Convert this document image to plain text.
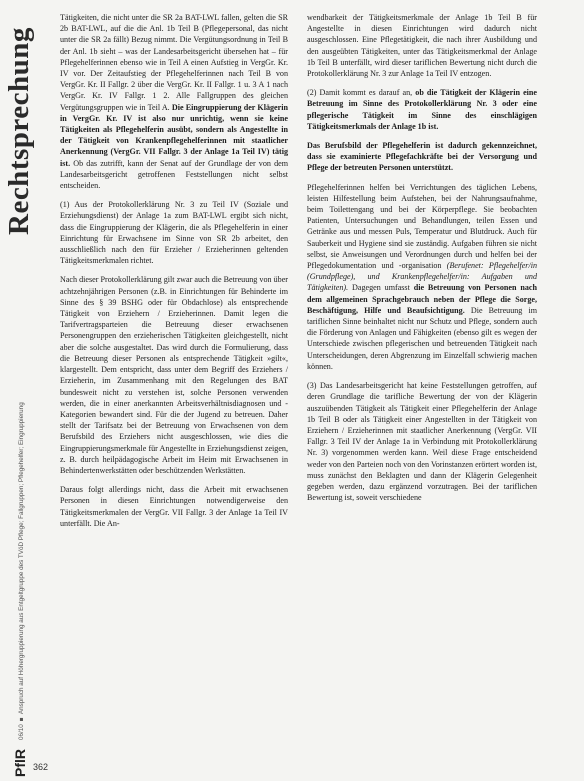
Rechtsprechung
06/10 ■ Anspruch auf Höhergruppierung aus Entgeltgruppe des TVöD Pflege; Fallgruppen; Pflegehelfer; Eingruppierung
PflR 362

Tätigkeiten, die nicht unter die SR 2a BAT-LWL fallen, gelten die SR 2b BAT-LWL, auf die die Anl. 1b Teil B (Pflegepersonal, das nicht unter die SR 2a fällt) Bezug nimmt. Die Vergütungsordnung in Teil B der Anl. 1b sieht – was der Landesarbeitsgericht übersehen hat – für Pflegehelferinnen ebenso wie in Teil A einen Aufstieg in VergGr. Kr. IV vor. Der Zeitaufstieg der Pflegehelferinnen nach Teil B von VergGr. Kr. II Fallgr. 2 über die VergGr. Kr. II Fallgr. 1 u. 3 A 1 nach VergGr. Kr. IV Fallgr. 1 2. Alle Fallgruppen des gleichen Vergütungsgruppen wie in Teil A. Die Eingruppierung der Klägerin in VergGr. Kr. IV ist also nur unrichtig, wenn sie keine Tätigkeiten als Pflegehelferin ausübt, sondern als Angestellte in der Tätigkeit von Krankenpflegehelferinnen mit staatlicher Anerkennung (VergGr. VII Fallgr. 3 der Anlage 1a Teil IV) tätig ist. Ob das zutrifft, kann der Senat auf der Grundlage der von dem Landesarbeitsgericht getroffenen Feststellungen nicht selbst entscheiden.

(1) Aus der Protokollerklärung Nr. 3 zu Teil IV (Soziale und Erziehungsdienst) der Anlage 1a zum BAT-LWL ergibt sich nicht, dass die Eingruppierung der Klägerin, die als Pflegehelferin in einer Einrichtung für Erwachsene im Sinne von SR 2b arbeitet, den ausschließlich nach den für Erzieher / Erzieherinnen geltenden Tätigkeitsmerkmalen richtet.

Nach dieser Protokollerklärung gilt zwar auch die Betreuung von über achtzehnjährigen Personen (z.B. in Einrichtungen für Behinderte im Sinne des § 39 BSHG oder für Obdachlose) als entsprechende Tätigkeit von Erziehern / Erzieherinnen. Damit legen die Tarifvertragsparteien die Betreuung dieser erwachsenen Personengruppen den erzieherischen Tätigkeiten gleichgestellt, nicht aber die solche ausgestaltet. Das wird durch die Formulierung, dass die Betreuung dieser Personen als entsprechende Tätigkeit »gilt«, klargestellt. Dem entspricht, dass unter dem Begriff des Erziehers / Erzieherin, im Zusammenhang mit den Regelungen des BAT bundesweit nicht zu verstehen ist, solche Personen verwenden werden, die in einer anerkannten Arbeitsverhältnisdiagnosen und -Kategorien bewandert sind. Für die der Jugend zu betreuen. Daher stellt der Tarifsatz bei der Betreuung von Erwachsenen von dem Berufsbild des Erziehers nicht ausgeschlossen, wie dies die Eingruppierungsmerkmale für Angestellte in Erziehungsdienst zeigen, z. B. durch heilpädagogische Arbeit im Heim mit Erwachsenen in Behindertenwerkstätten oder beschützenden Werkstätten.

Daraus folgt allerdings nicht, dass die Arbeit mit erwachsenen Personen in diesen Einrichtungen notwendigerweise den Tätigkeitsmerkmalen der VergGr. VII Fallgr. 3 der Anlage 1a Teil IV unterfällt. Die An-

wendbarkeit der Tätigkeitsmerkmale der Anlage 1b Teil B für Angestellte in diesen Einrichtungen wird dadurch nicht ausgeschlossen. Eine Pflegetätigkeit, die nach ihrer Ausbildung und den ausgeübten Tätigkeiten, unter das Tätigkeitsmerkmal der Anlage 1b Teil B unterfällt, wird dieser tariflichen Bewertung nicht durch die Protokollerklärung Nr. 3 zur Anlage 1a Teil IV entzogen.

(2) Damit kommt es darauf an, ob die Tätigkeit der Klägerin eine Betreuung im Sinne des Protokollerklärung Nr. 3 oder eine pflegerische Tätigkeit im Sinne des einschlägigen Tätigkeitsmerkmals der Anlage 1b ist.

Das Berufsbild der Pflegehelferin ist dadurch gekennzeichnet, dass sie examinierte Pflegefachkräfte bei der Versorgung und Pflege der betreuten Personen unterstützt.

Pflegehelferinnen helfen bei Verrichtungen des täglichen Lebens, leisten Hilfestellung beim Aufstehen, bei der Nahrungsaufnahme, beim Toilettengang und bei der Körperpflege. Sie beobachten Patienten, Untersuchungen und Behandlungen, teilen Essen und Getränke aus und messen Puls, Temperatur und Blutdruck. Auch für Sauberkeit und Hygiene sind sie zuständig. Aufgaben führen sie nicht selbst, sie Anweisungen und Verordnungen durch und helfen bei der Pflegedokumentation und -organisation (Berufenet: Pflegehelfer/in (Grundpflege), und Krankenpflegehelfer/in: Aufgaben und Tätigkeiten). Dagegen umfasst die Betreuung von Personen nach dem allgemeinen Sprachgebrauch neben der Pflege die Sorge, Beschäftigung, Hilfe und Beaufsichtigung. Die Betreuung im tariflichen Sinne beinhaltet nicht nur Schutz und Pflege, sondern auch die Förderung von Anlagen und Fähigkeiten (ebenso gilt es wegen der Unterschiede zwischen pflegerischen und betreuenden Tätigkeit nach Unterscheidungen, deren Abgrenzung im Einzelfall schwierig machen können.

(3) Das Landesarbeitsgericht hat keine Feststellungen getroffen, auf deren Grundlage die tarifliche Bewertung der von der Klägerin auszuübenden Tätigkeit als Tätigkeit einer Pflegehelferin der Anlage 1b Teil B oder als Tätigkeit einer Angestellten in der Tätigkeit von Erziehern / Erzieherinnen mit staatlicher Anerkennung (VergGr. VII Fallgr. 3 Teil IV der Anlage 1a in Verbindung mit Protokollerklärung Nr. 3) vorgenommen werden kann. Weil diese Frage entscheidend weder von den Parteien noch von den Vorinstanzen erörtert worden ist, muss zunächst den Beklagten und dann der Klägerin Gelegenheit gegeben werden, dazu ergänzend vorzutragen. Bei der tariflichen Bewertung ist, soweit verschiedene
